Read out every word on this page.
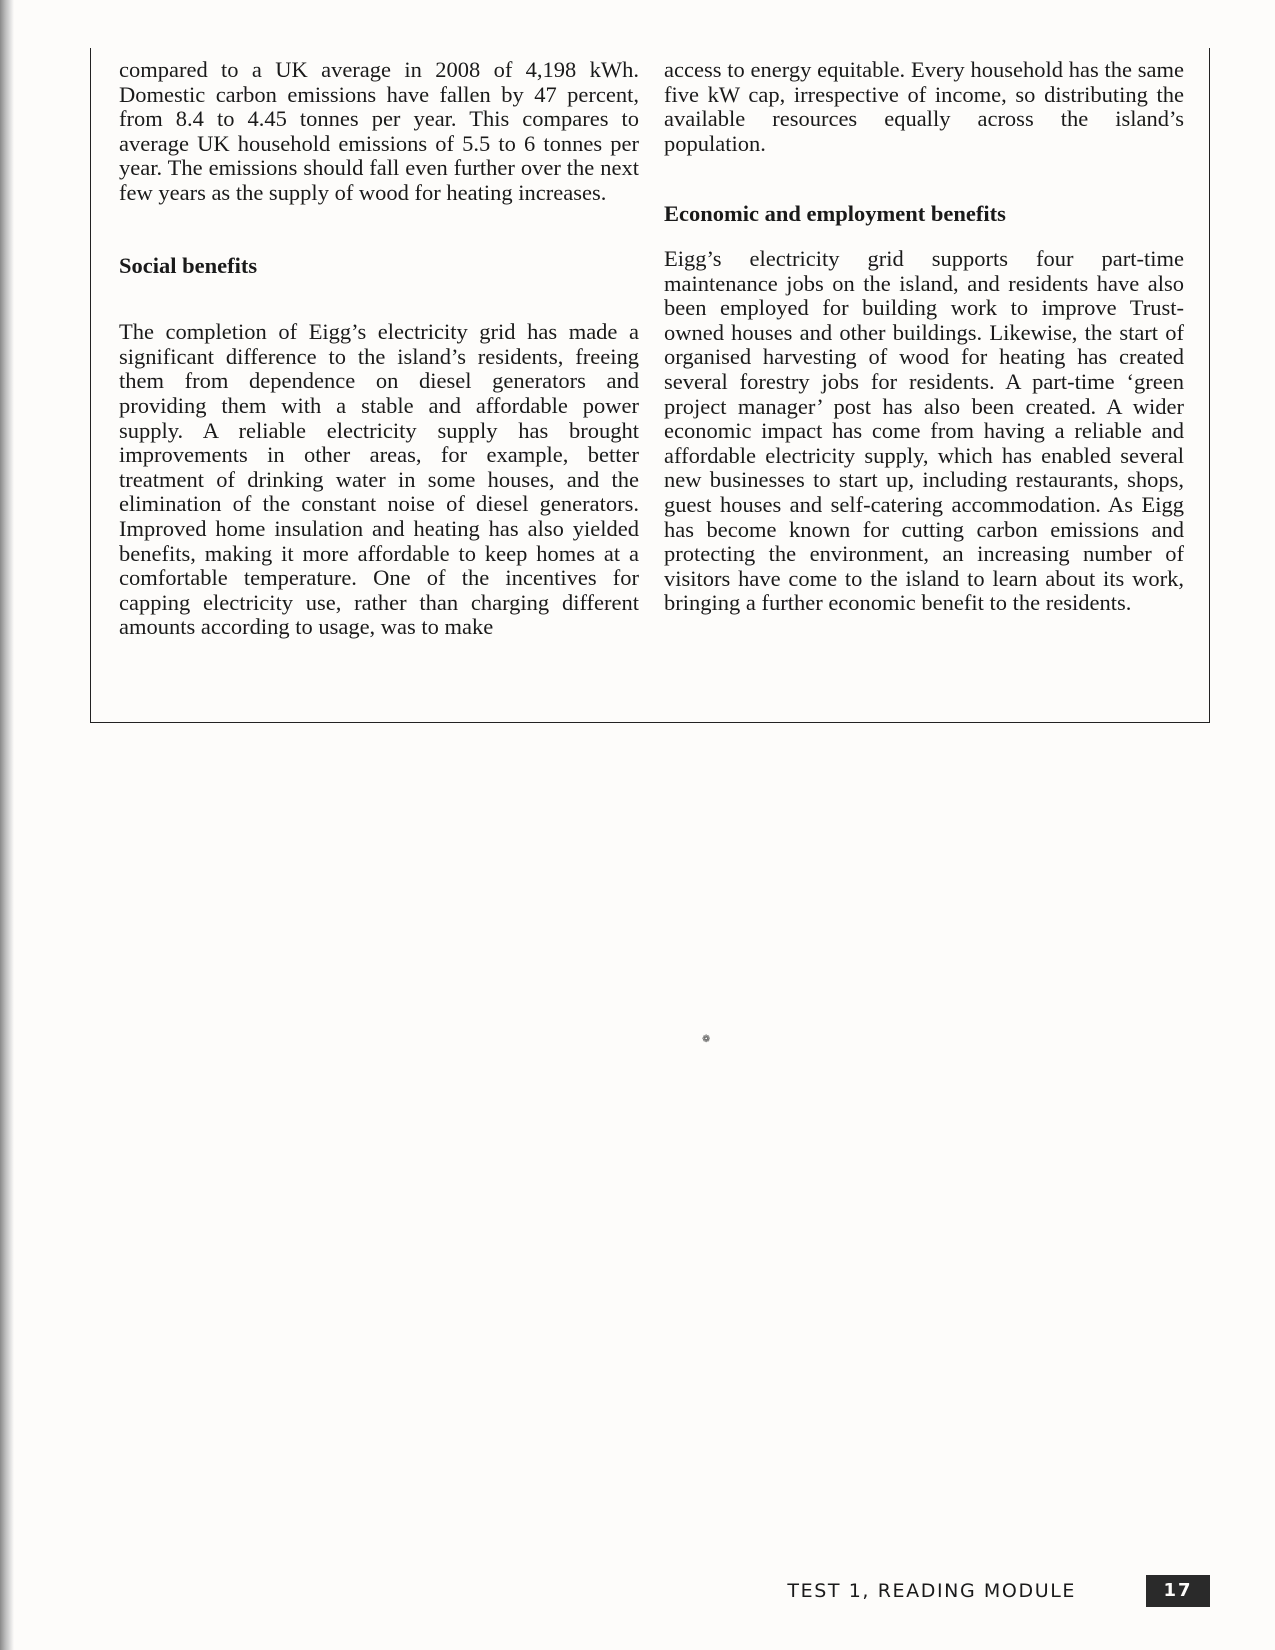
compared to a UK average in 2008 of 4,198 kWh. Domestic carbon emissions have fallen by 47 percent, from 8.4 to 4.45 tonnes per year. This compares to average UK household emissions of 5.5 to 6 tonnes per year. The emissions should fall even further over the next few years as the supply of wood for heating increases.

Social benefits

The completion of Eigg’s electricity grid has made a significant difference to the island’s residents, freeing them from dependence on diesel generators and providing them with a stable and affordable power supply. A reliable electricity supply has brought improvements in other areas, for example, better treatment of drinking water in some houses, and the elimination of the constant noise of diesel generators. Improved home insulation and heating has also yielded benefits, making it more affordable to keep homes at a comfortable temperature. One of the incentives for capping electricity use, rather than charging different amounts according to usage, was to make

access to energy equitable. Every household has the same five kW cap, irrespective of income, so distributing the available resources equally across the island’s population.

Economic and employment benefits

Eigg’s electricity grid supports four part-time maintenance jobs on the island, and residents have also been employed for building work to improve Trust-owned houses and other buildings. Likewise, the start of organised harvesting of wood for heating has created several forestry jobs for residents. A part-time ‘green project manager’ post has also been created. A wider economic impact has come from having a reliable and affordable electricity supply, which has enabled several new businesses to start up, including restaurants, shops, guest houses and self-catering accommodation. As Eigg has become known for cutting carbon emissions and protecting the environment, an increasing number of visitors have come to the island to learn about its work, bringing a further economic benefit to the residents.

❁
TEST 1, READING MODULE	17
